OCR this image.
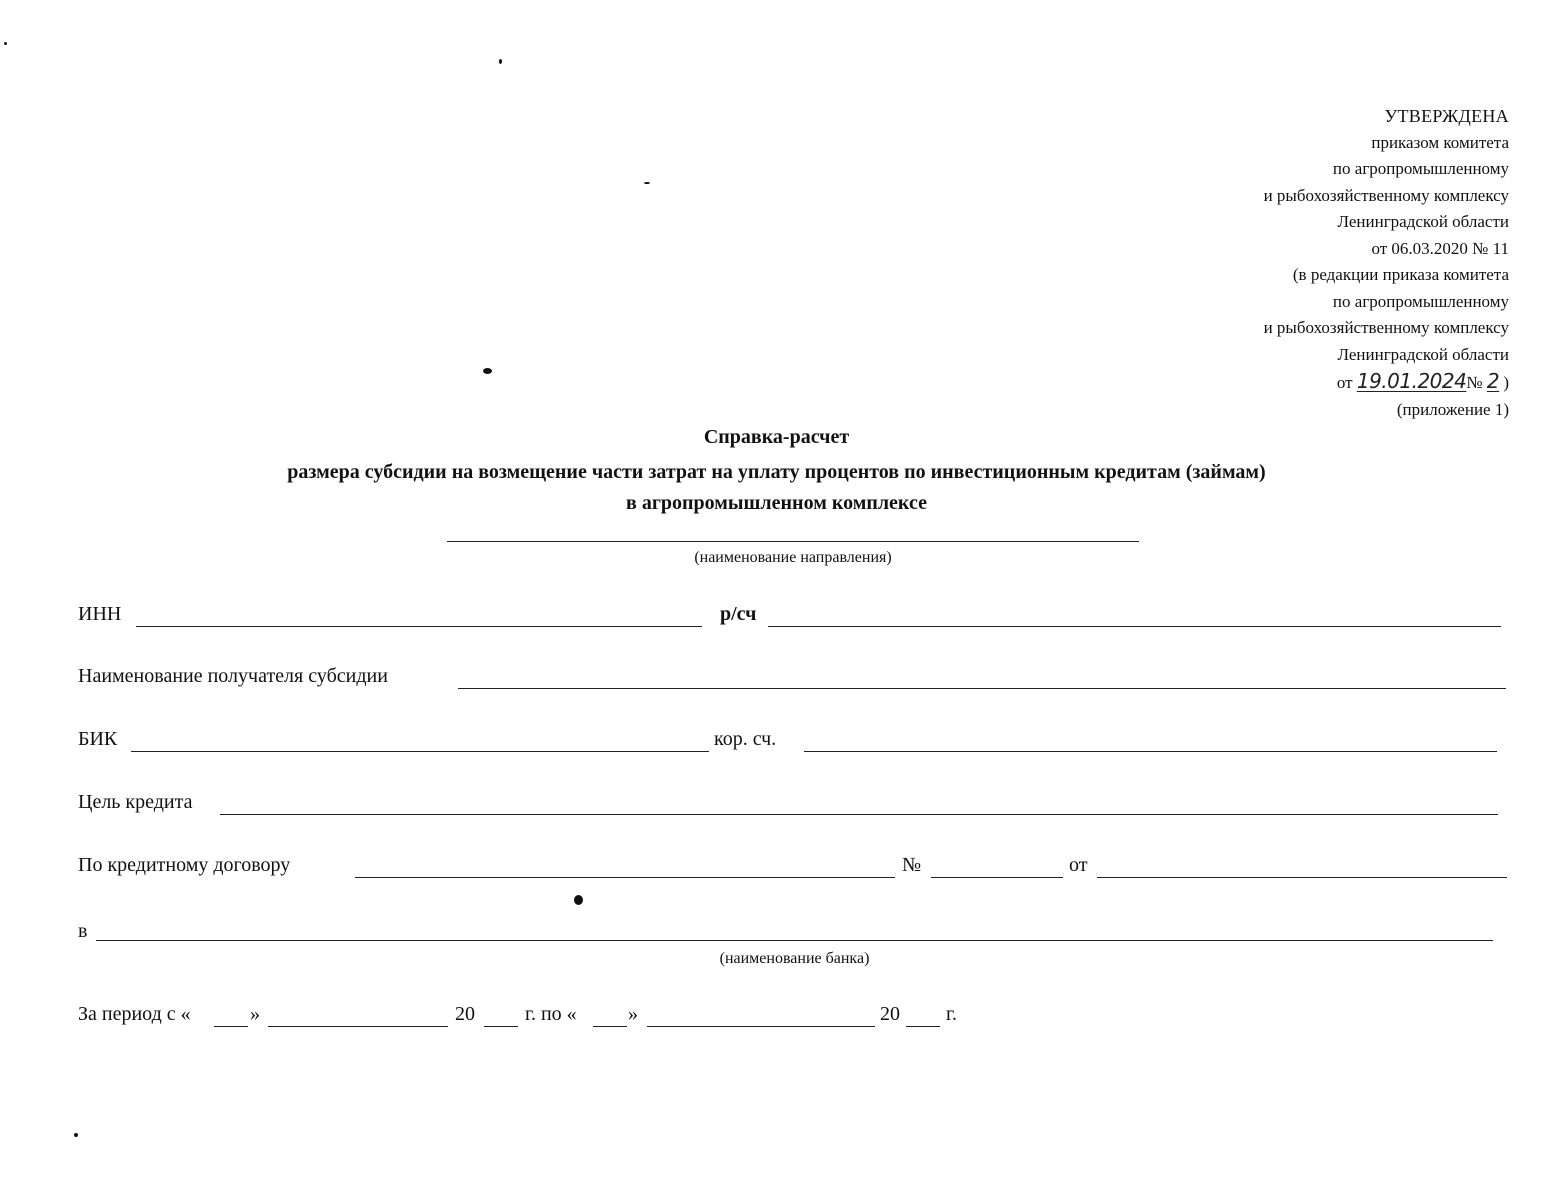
УТВЕРЖДЕНА
приказом комитета
по агропромышленному
и рыбохозяйственному комплексу
Ленинградской области
от 06.03.2020 № 11
(в редакции приказа комитета
по агропромышленному
и рыбохозяйственному комплексу
Ленинградской области
от 19.01.2024№ 2 )
(приложение 1)
Справка-расчет
размера субсидии на возмещение части затрат на уплату процентов по инвестиционным кредитам (займам)
в агропромышленном комплексе
(наименование направления)
ИНН	р/сч
Наименование получателя субсидии
БИК	кор. сч.
Цель кредита
По кредитному договору	№	от
в
(наименование банка)
За период с «	»	20	г. по «	»	20 г.
